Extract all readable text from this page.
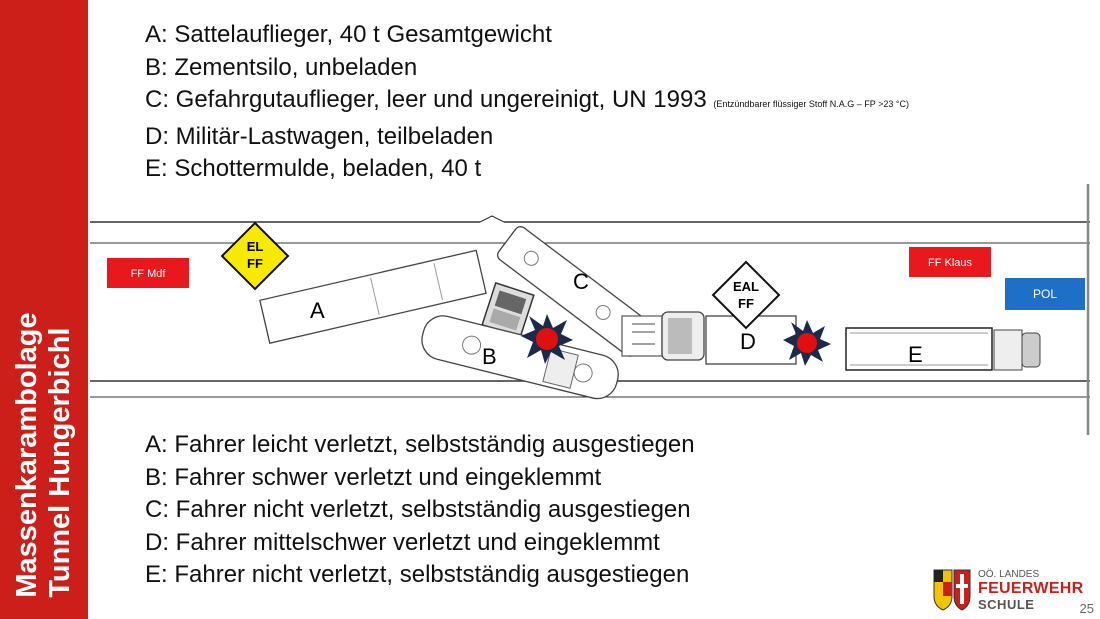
Massenkarambolage Tunnel Hungerbichl
A: Sattelauflieger, 40 t Gesamtgewicht
B: Zementsilo, unbeladen
C: Gefahrgutauflieger, leer und ungereinigt, UN 1993 (Entzündbarer flüssiger Stoff N.A.G – FP >23 °C)
D: Militär-Lastwagen, teilbeladen
E: Schottermulde, beladen, 40 t
A
B
C
D
E
EL
FF
EAL
FF
FF Mdf
FF Klaus
POL
A: Fahrer leicht verletzt, selbstständig ausgestiegen
B: Fahrer schwer verletzt und eingeklemmt
C: Fahrer nicht verletzt, selbstständig ausgestiegen
D: Fahrer mittelschwer verletzt und eingeklemmt
E: Fahrer nicht verletzt, selbstständig ausgestiegen	OÖ. LANDES
FEUERWEHR
SCHULE	25
